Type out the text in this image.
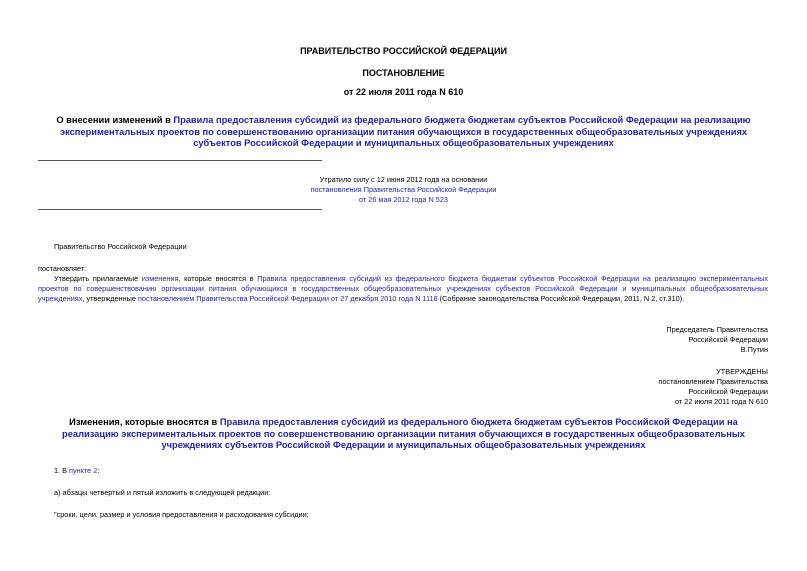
ПРАВИТЕЛЬСТВО РОССИЙСКОЙ ФЕДЕРАЦИИ
ПОСТАНОВЛЕНИЕ
от 22 июля 2011 года N 610
О внесении изменений в Правила предоставления субсидий из федерального бюджета бюджетам субъектов Российской Федерации на реализацию экспериментальных проектов по совершенствованию организации питания обучающихся в государственных общеобразовательных учреждениях субъектов Российской Федерации и муниципальных общеобразовательных учреждениях
Утратило силу с 12 июня 2012 года на основании
постановления Правительства Российской Федерации
от 26 мая 2012 года N 523
Правительство Российской Федерации
постановляет:
Утвердить прилагаемые изменения, которые вносятся в Правила предоставления субсидий из федерального бюджета бюджетам субъектов Российской Федерации на реализацию экспериментальных проектов по совершенствованию организации питания обучающихся в государственных общеобразовательных учреждениях субъектов Российской Федерации и муниципальных общеобразовательных учреждениях, утвержденные постановлением Правительства Российской Федерации от 27 декабря 2010 года N 1118 (Собрание законодательства Российской Федерации, 2011, N 2, ст.310).
Председатель Правительства
Российской Федерации
В.Путин
УТВЕРЖДЕНЫ
постановлением Правительства
Российской Федерации
от 22 июля 2011 года N 610
Изменения, которые вносятся в Правила предоставления субсидий из федерального бюджета бюджетам субъектов Российской Федерации на реализацию экспериментальных проектов по совершенствованию организации питания обучающихся в государственных общеобразовательных учреждениях субъектов Российской Федерации и муниципальных общеобразовательных учреждениях
1. В пункте 2:
а) абзацы четвертый и пятый изложить в следующей редакции:
"сроки, цели, размер и условия предоставления и расходования субсидии;
